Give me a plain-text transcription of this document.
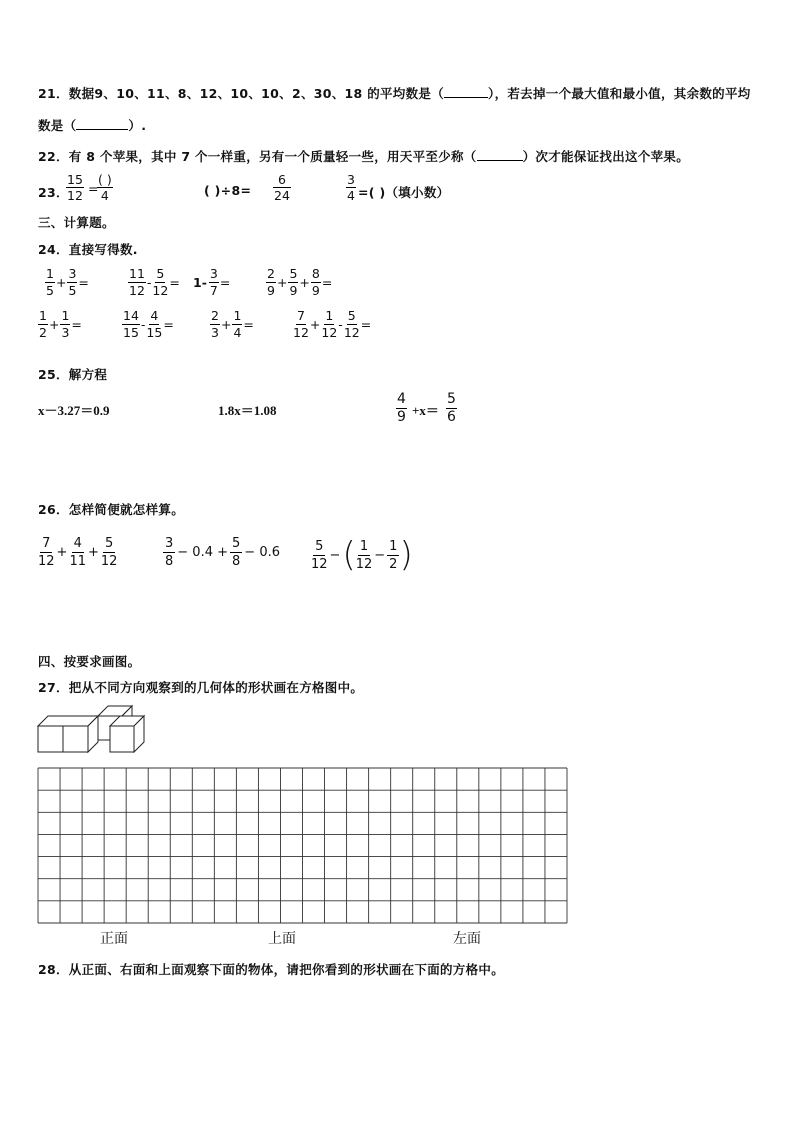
21．数据9、10、11、8、12、10、10、2、30、18 的平均数是（	），若去掉一个最大值和最小值，其余数的平均
数是（	）.
22．有 8 个苹果，其中 7 个一样重，另有一个质量轻一些，用天平至少称（	）次才能保证找出这个苹果。
23．
$\frac{15}{12}$ =
( )
4	( )$\div 8= \frac{6}{24}$	$\frac{3}{4}$ =( )（填小数）
三、计算题。
24．直接写得数.
$\frac{1}{5} + \frac{3}{5}$ =	$\frac{11}{12} - \frac{5}{12} = 1- \frac{3}{7}$ =	$\frac{2}{9} + \frac{5}{9} + \frac{8}{9}$ =
$\frac{1}{2} + \frac{1}{3}$ =	$\frac{14}{15} - \frac{4}{15}$ =	$\frac{2}{3} + \frac{1}{4}$ =	$\frac{7}{12} + \frac{1}{12} - \frac{5}{12}$ =
25．解方程
x－3.27＝0.9	1.8x＝1.08	$\frac{4}{9} +x= \frac{5}{6}$
26．怎样简便就怎样算。
$\frac{7}{12} + \frac{4}{11} + \frac{5}{12}$	$\frac{3}{8} - 0.4 + \frac{5}{8} - 0.6 \frac{5}{12}$ − ( $\frac{1}{12} - \frac{1}{2}$ )
四、按要求画图。
27．把从不同方向观察到的几何体的形状画在方格图中。
正面	上面	左面
28．从正面、右面和上面观察下面的物体，请把你看到的形状画在下面的方格中。
